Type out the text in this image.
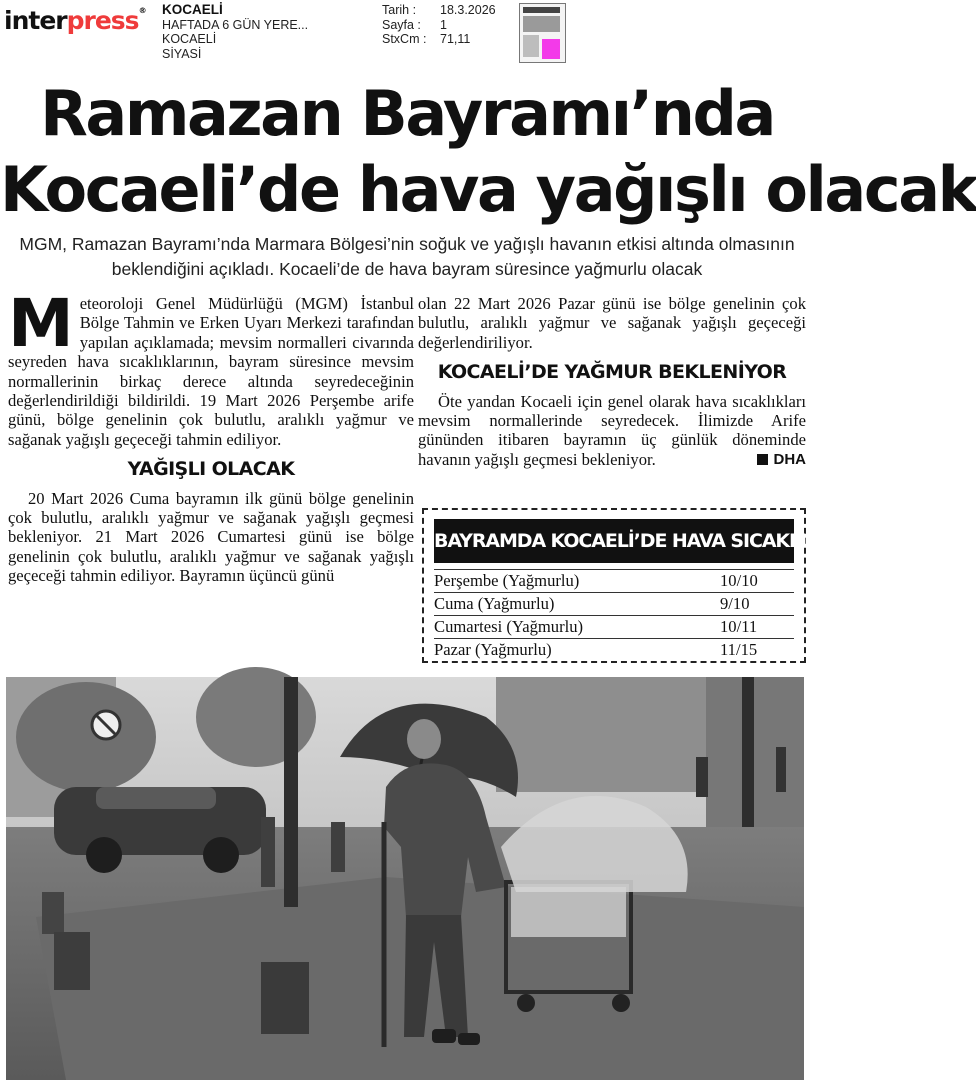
interpress® KOCAELİ
HAFTADA 6 GÜN YERE...
KOCAELİ
SİYASİ
Tarih :	18.3.2026
Sayfa :	1
StxCm :	71,11
Ramazan Bayramı’nda
Kocaeli’de hava yağışlı olacak
MGM, Ramazan Bayramı’nda Marmara Bölgesi’nin soğuk ve yağışlı havanın etkisi altında olmasının beklendiğini açıkladı. Kocaeli’de de hava bayram süresince yağmurlu olacak

Meteoroloji Genel Müdürlüğü (MGM) İstanbul Bölge Tahmin ve Erken Uyarı Merkezi tarafından yapılan açıklamada; mevsim normalleri civarında seyreden hava sıcaklıklarının, bayram süresince mevsim normallerinin birkaç derece altında seyredeceğinin değerlendirildiği bildirildi. 19 Mart 2026 Perşembe arife günü, bölge genelinin çok bulutlu, aralıklı yağmur ve sağanak yağışlı geçeceği tahmin ediliyor.

YAĞIŞLI OLACAK

20 Mart 2026 Cuma bayramın ilk günü bölge genelinin çok bulutlu, aralıklı yağmur ve sağanak yağışlı geçmesi bekleniyor. 21 Mart 2026 Cumartesi günü ise bölge genelinin çok bulutlu, aralıklı yağmur ve sağanak yağışlı geçeceği tahmin ediliyor. Bayramın üçüncü günü

olan 22 Mart 2026 Pazar günü ise bölge genelinin çok bulutlu, aralıklı yağmur ve sağanak yağışlı geçeceği değerlendiriliyor.

KOCAELİ’DE YAĞMUR BEKLENİYOR

Öte yandan Kocaeli için genel olarak hava sıcaklıkları mevsim normallerinde seyredecek. İlimizde Arife gününden itibaren bayramın üç günlük döneminde havanın yağışlı geçmesi bekleniyor.	DHA

BAYRAMDA KOCAELİ’DE HAVA SICAKLIĞI
Perşembe (Yağmurlu)	10/10
Cuma (Yağmurlu)	9/10
Cumartesi (Yağmurlu)	10/11
Pazar (Yağmurlu)	11/15
